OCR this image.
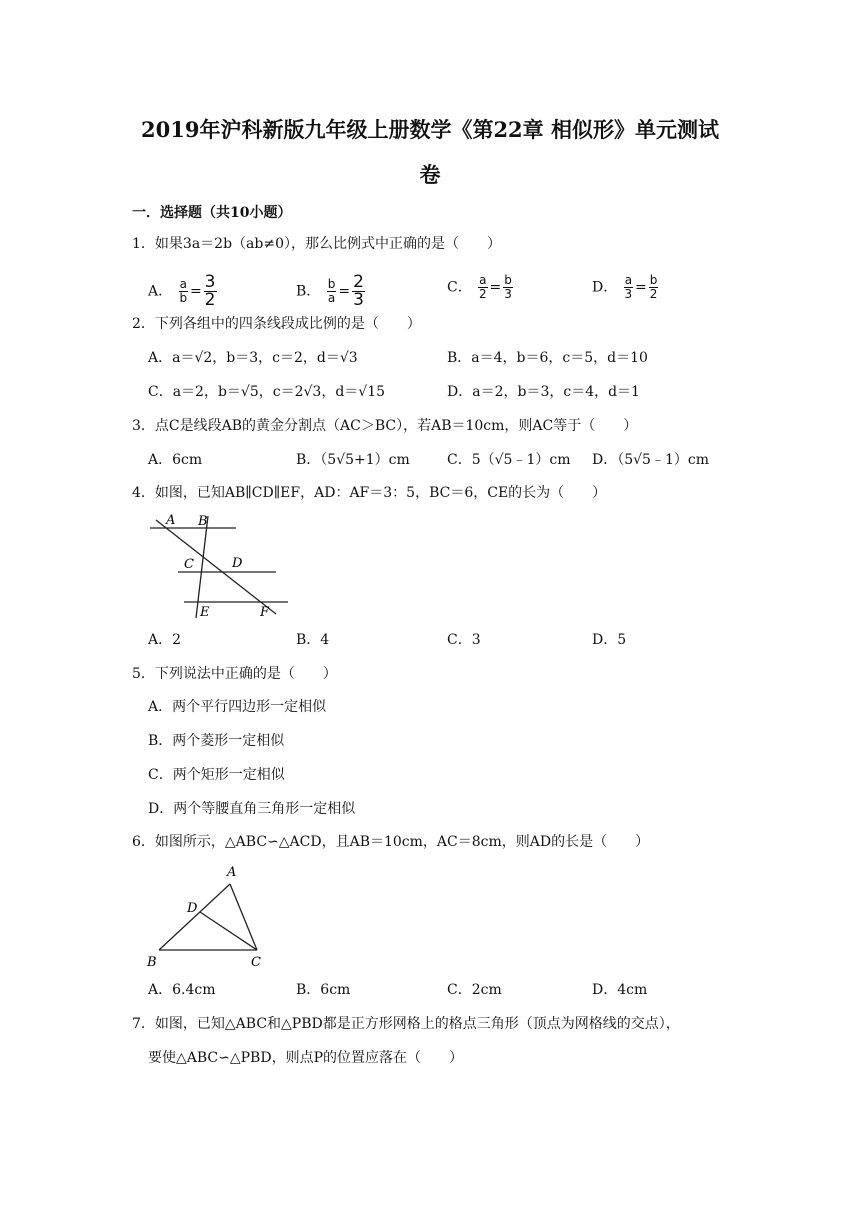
2019年沪科新版九年级上册数学《第22章 相似形》单元测试
卷
一．选择题（共10小题）
1．如果3a＝2b（ab≠0），那么比例式中正确的是（　　）
A． $\frac{a}{b} = \frac{3}{2}$	B． $\frac{b}{a} = \frac{2}{3}$	C． $\frac{a}{2} = \frac{b}{3}$	D． $\frac{a}{3} = \frac{b}{2}$
2．下列各组中的四条线段成比例的是（　　）
A．a＝√2，b＝3，c＝2，d＝√3	B．a＝4，b＝6，c＝5，d＝10
C．a＝2，b＝√5，c＝2√3，d＝√15	D．a＝2，b＝3，c＝4，d＝1
3．点C是线段AB的黄金分割点（AC＞BC），若AB＝10cm，则AC等于（　　）
A．6cm	B．（5√5+1）cm	C．5（√5﹣1）cm D．（5√5﹣1）cm
4．如图，已知AB∥CD∥EF，AD：AF＝3：5，BC＝6，CE的长为（　　）
A B
C	D
E	F
A．2	B．4	C．3	D．5
5．下列说法中正确的是（　　）
A．两个平行四边形一定相似
B．两个菱形一定相似
C．两个矩形一定相似
D．两个等腰直角三角形一定相似
6．如图所示，△ABC∽△ACD，且AB＝10cm，AC＝8cm，则AD的长是（　　）
A
D
B	C
A．6.4cm	B．6cm	C．2cm	D．4cm
7．如图，已知△ABC和△PBD都是正方形网格上的格点三角形（顶点为网格线的交点），
要使△ABC∽△PBD，则点P的位置应落在（　　）
